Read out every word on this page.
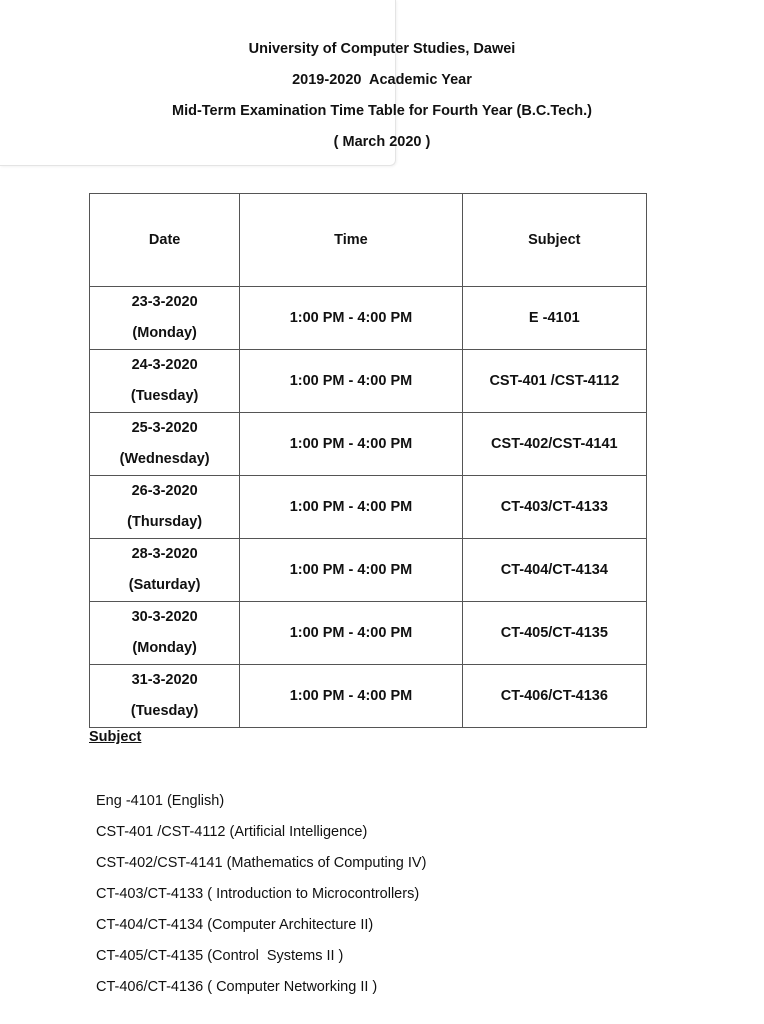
University of Computer Studies, Dawei
2019-2020  Academic Year
Mid-Term Examination Time Table for Fourth Year (B.C.Tech.)
( March 2020 )
Date	Time	Subject

23-3-2020
(Monday)	1:00 PM - 4:00 PM	E -4101

24-3-2020
(Tuesday)	1:00 PM - 4:00 PM	CST-401 /CST-4112

25-3-2020
(Wednesday)	1:00 PM - 4:00 PM	CST-402/CST-4141

26-3-2020
(Thursday)	1:00 PM - 4:00 PM	CT-403/CT-4133

28-3-2020
(Saturday)	1:00 PM - 4:00 PM	CT-404/CT-4134

30-3-2020
(Monday)	1:00 PM - 4:00 PM	CT-405/CT-4135

31-3-2020
(Tuesday)	1:00 PM - 4:00 PM	CT-406/CT-4136
Subject
Eng -4101 (English)
CST-401 /CST-4112 (Artificial Intelligence)
CST-402/CST-4141 (Mathematics of Computing IV)
CT-403/CT-4133 ( Introduction to Microcontrollers)
CT-404/CT-4134 (Computer Architecture II)
CT-405/CT-4135 (Control  Systems II )
CT-406/CT-4136 ( Computer Networking II )
